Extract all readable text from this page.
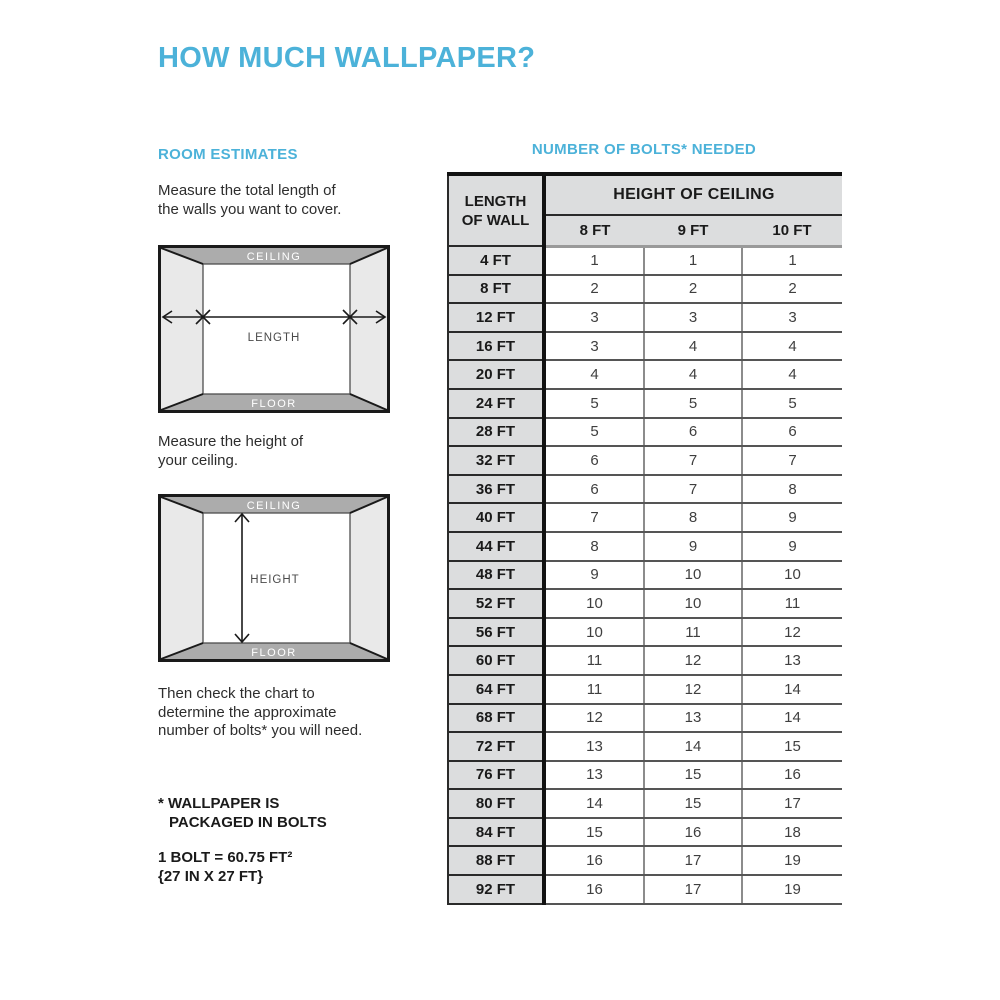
HOW MUCH WALLPAPER?
ROOM ESTIMATES
Measure the total length of
the walls you want to cover.
CEILING
FLOOR
LENGTH
Measure the height of
your ceiling.
CEILING
FLOOR
HEIGHT
Then check the chart to
determine the approximate
number of bolts* you will need.
* WALLPAPER IS
PACKAGED IN BOLTS
1 BOLT = 60.75 FT²
{27 IN X 27 FT}
NUMBER OF BOLTS* NEEDED
LENGTH
OF WALL	HEIGHT OF CEILING		
	8 FT	9 FT	10 FT
4 FT	1	1	1
8 FT	2	2	2
12 FT	3	3	3
16 FT	3	4	4
20 FT	4	4	4
24 FT	5	5	5
28 FT	5	6	6
32 FT	6	7	7
36 FT	6	7	8
40 FT	7	8	9
44 FT	8	9	9
48 FT	9	10	10
52 FT	10	10	11
56 FT	10	11	12
60 FT	11	12	13
64 FT	11	12	14
68 FT	12	13	14
72 FT	13	14	15
76 FT	13	15	16
80 FT	14	15	17
84 FT	15	16	18
88 FT	16	17	19
92 FT	16	17	19
